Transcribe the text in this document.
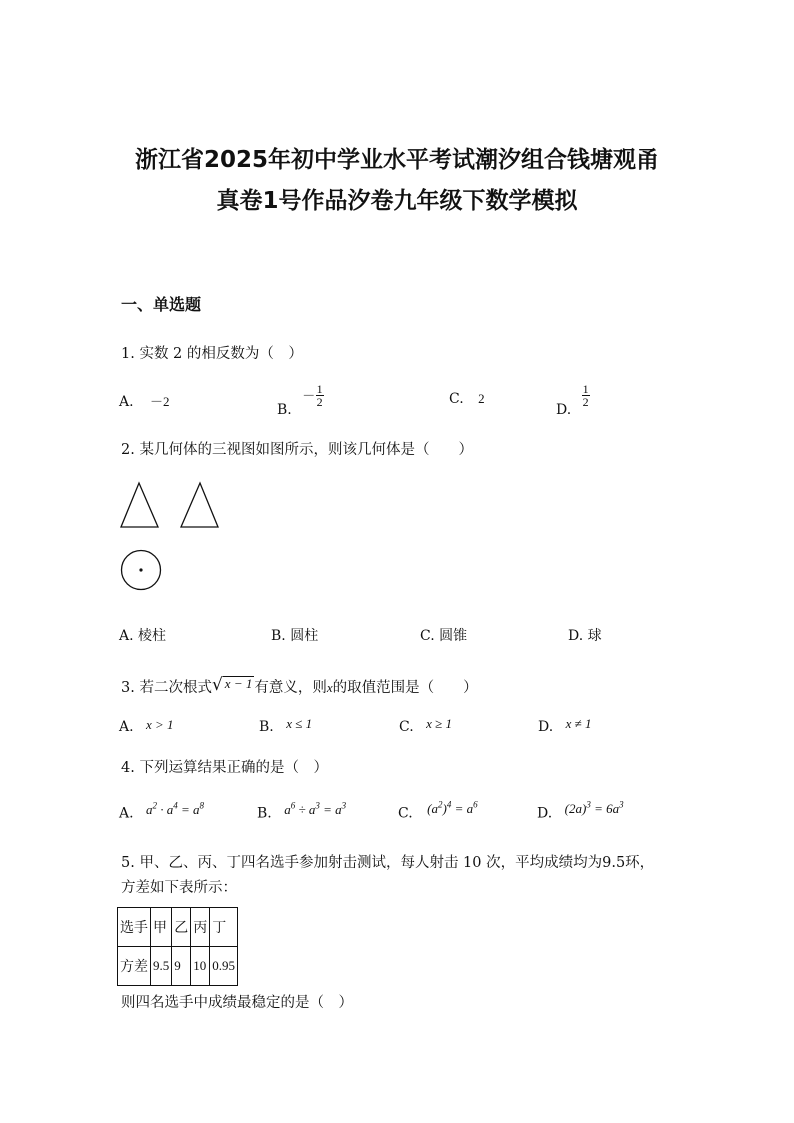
浙江省2025年初中学业水平考试潮汐组合钱塘观甬
真卷1号作品汐卷九年级下数学模拟
一、单选题
1. 实数 2 的相反数为（　）
A. －2	B. － $\frac{1}{2}$	C. 2
D.
$\frac{1}{2}$
2. 某几何体的三视图如图所示，则该几何体是（　　）
A. 棱柱	B. 圆柱	C. 圆锥	D. 球
3. 若二次根式√ x − 1 有意义，则x的取值范围是（　　）
A. x > 1	B. x ≤ 1	C. x ≥ 1	D. x ≠ 1
4. 下列运算结果正确的是（　）
A. $a^2 \cdot a^4 = a^8$	B. $a^6 \div a^3 = a^3$	C. $(a^2)^4 = a^6$
D. $(2a)^3 = 6a^3$
5. 甲、乙、丙、丁四名选手参加射击测试，每人射击 10 次，平均成绩均为9.5环，
方差如下表所示：
选手	甲	乙	丙	丁
方差	9.5	9	10	0.95
则四名选手中成绩最稳定的是（　）
